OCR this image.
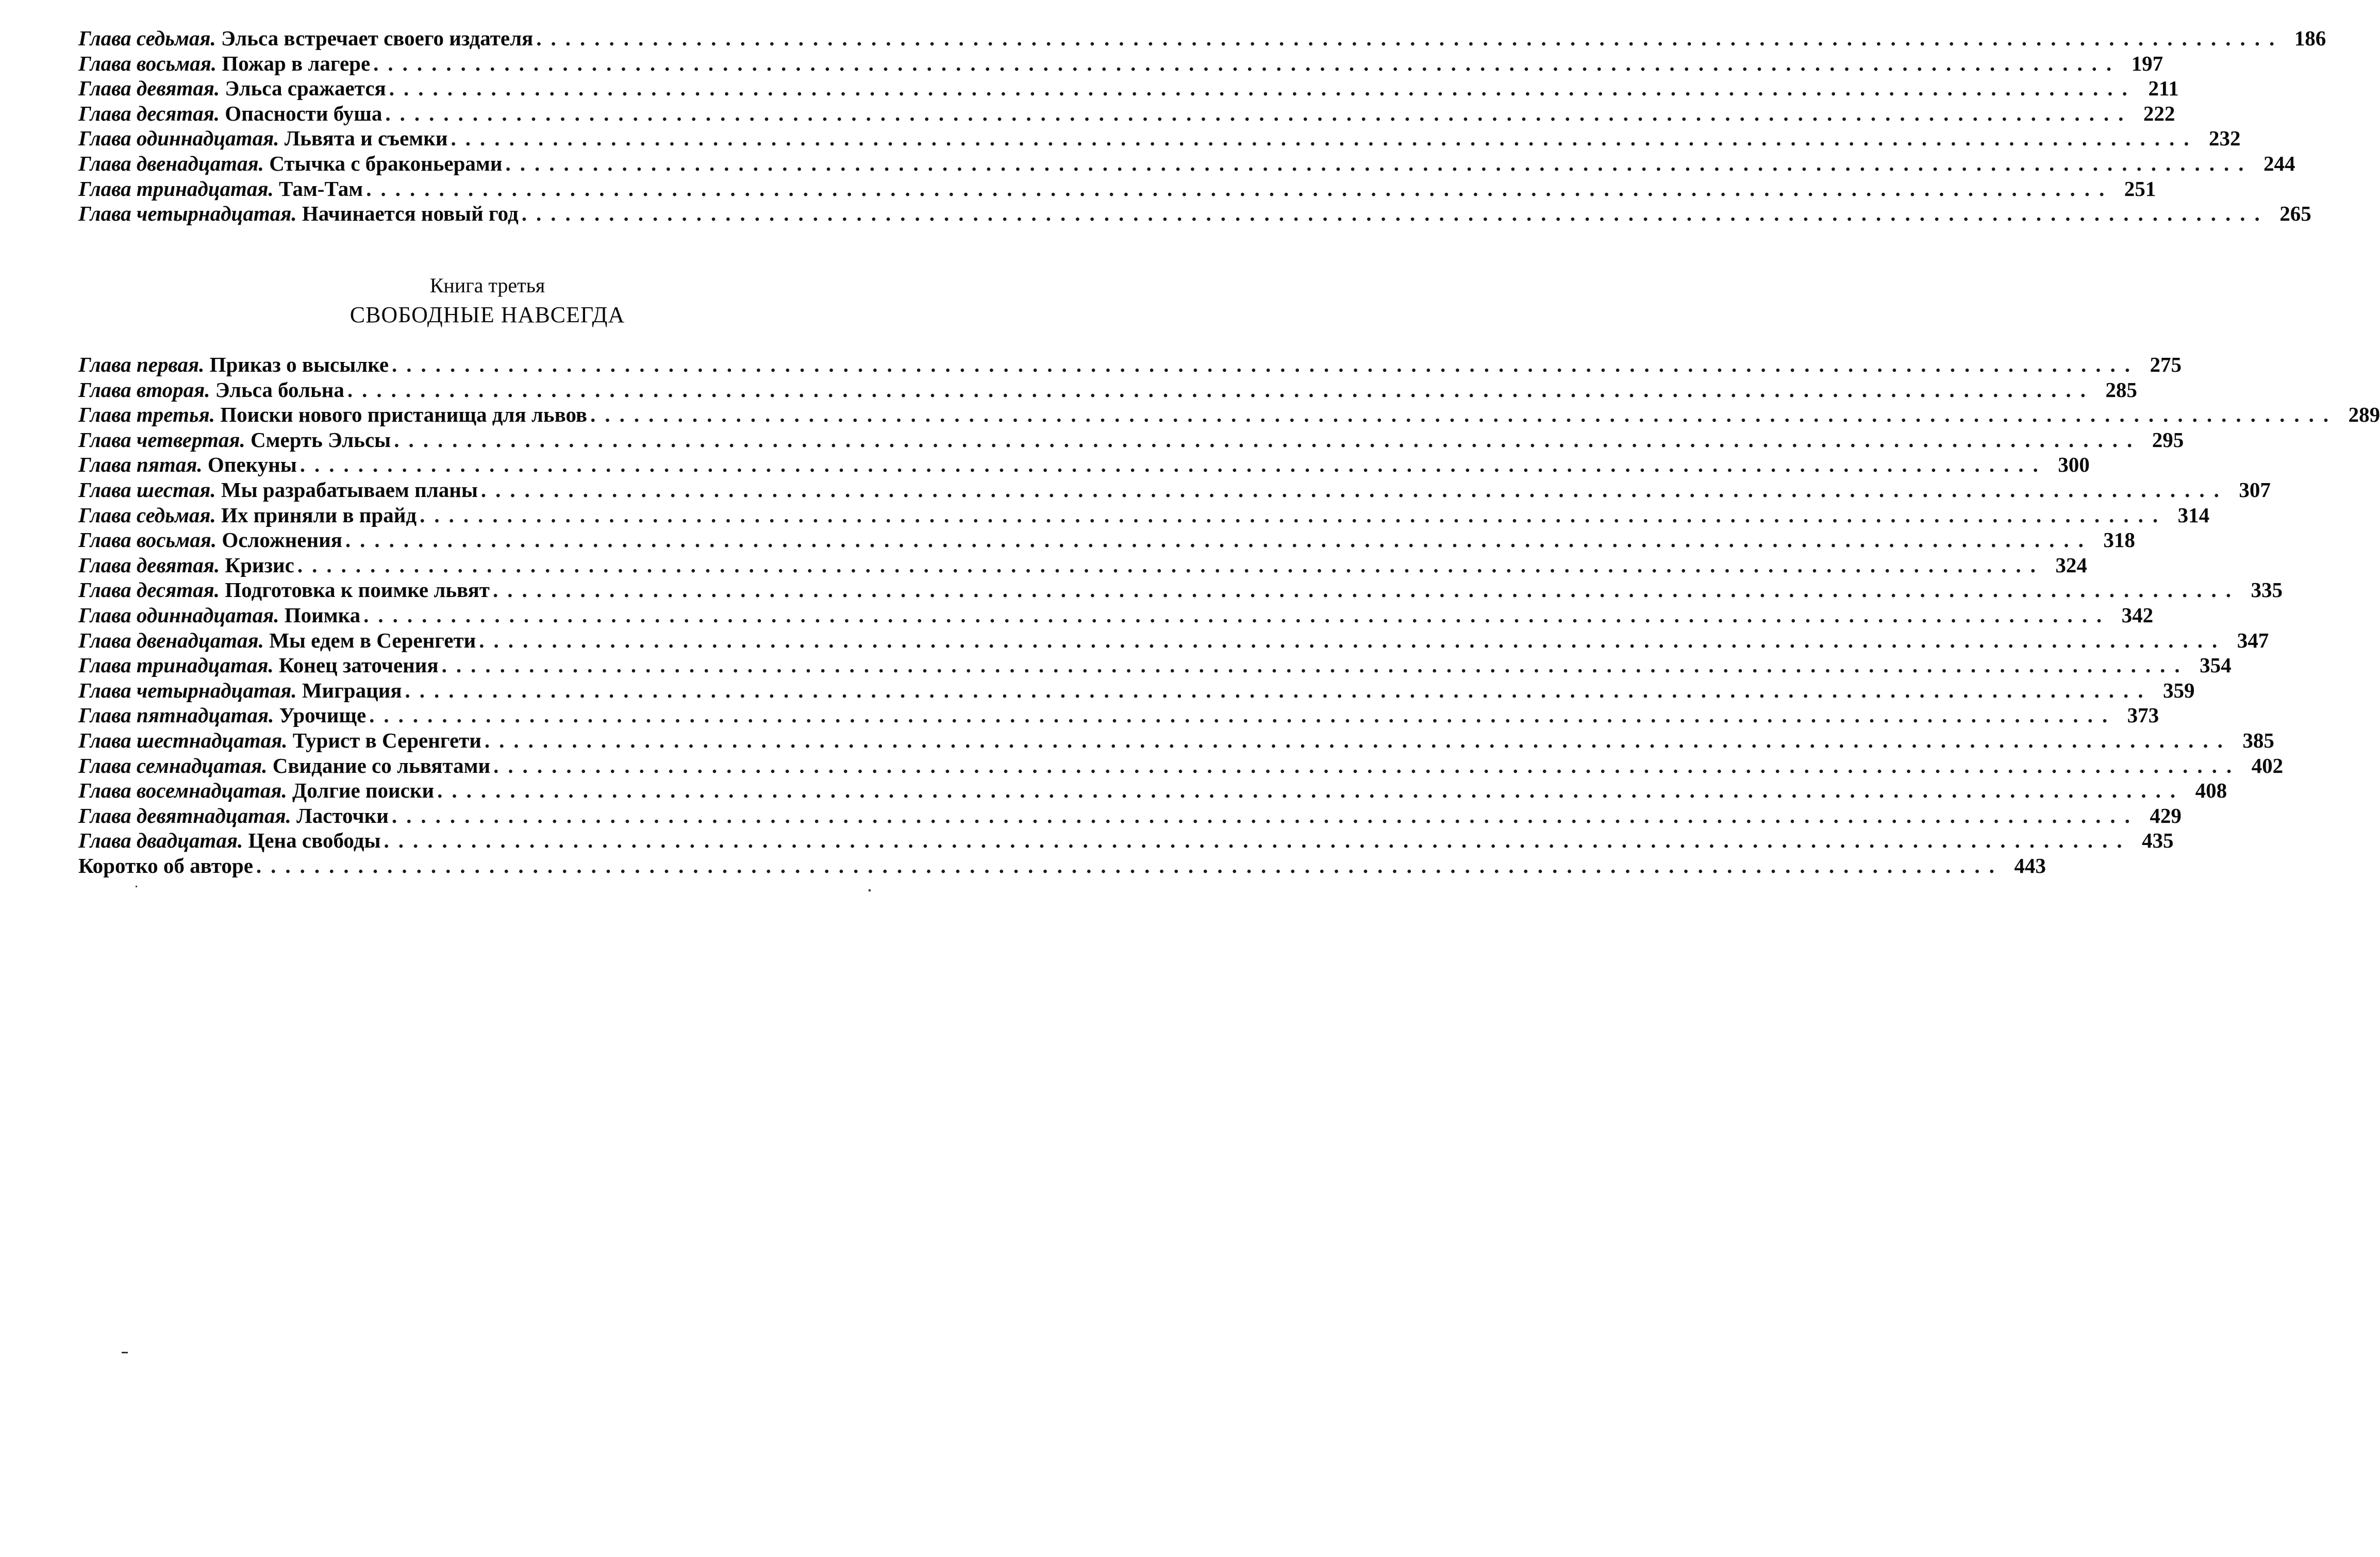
Глава седьмая. Эльса встречает своего издателя ........................................................................................................................ 186
Глава восьмая. Пожар в лагере ........................................................................................................................ 197
Глава девятая. Эльса сражается ........................................................................................................................ 211
Глава десятая. Опасности буша ........................................................................................................................ 222
Глава одиннадцатая. Львята и съемки ........................................................................................................................ 232
Глава двенадцатая. Стычка с браконьерами ........................................................................................................................ 244
Глава тринадцатая. Там-Там ........................................................................................................................ 251
Глава четырнадцатая. Начинается новый год ........................................................................................................................ 265
Книга третья
СВОБОДНЫЕ НАВСЕГДА
Глава первая. Приказ о высылке ........................................................................................................................ 275
Глава вторая. Эльса больна ........................................................................................................................ 285
Глава третья. Поиски нового пристанища для львов ........................................................................................................................ 289
Глава четвертая. Смерть Эльсы ........................................................................................................................ 295
Глава пятая. Опекуны ........................................................................................................................ 300
Глава шестая. Мы разрабатываем планы ........................................................................................................................ 307
Глава седьмая. Их приняли в прайд ........................................................................................................................ 314
Глава восьмая. Осложнения ........................................................................................................................ 318
Глава девятая. Кризис ........................................................................................................................ 324
Глава десятая. Подготовка к поимке львят ........................................................................................................................ 335
Глава одиннадцатая. Поимка ........................................................................................................................ 342
Глава двенадцатая. Мы едем в Серенгети ........................................................................................................................ 347
Глава тринадцатая. Конец заточения ........................................................................................................................ 354
Глава четырнадцатая. Миграция ........................................................................................................................ 359
Глава пятнадцатая. Урочище ........................................................................................................................ 373
Глава шестнадцатая. Турист в Серенгети ........................................................................................................................ 385
Глава семнадцатая. Свидание со львятами ........................................................................................................................ 402
Глава восемнадцатая. Долгие поиски ........................................................................................................................ 408
Глава девятнадцатая. Ласточки ........................................................................................................................ 429
Глава двадцатая. Цена свободы ........................................................................................................................ 435
Коротко об авторе ........................................................................................................................ 443
